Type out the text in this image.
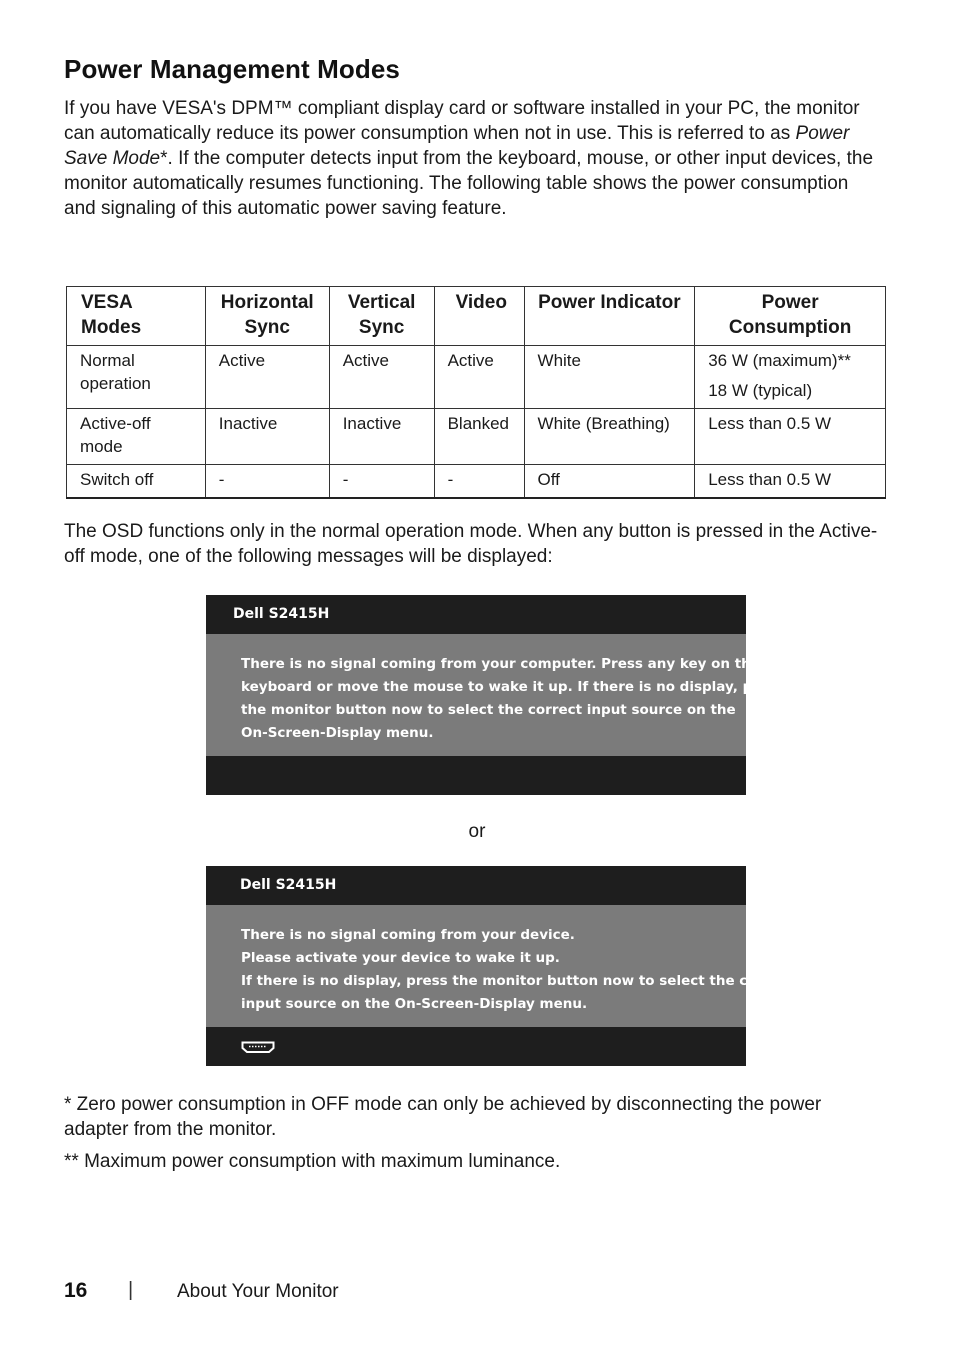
Power Management Modes

If you have VESA's DPM™ compliant display card or software installed in your PC, the monitor can automatically reduce its power consumption when not in use. This is referred to as Power Save Mode*. If the computer detects input from the keyboard, mouse, or other input devices, the monitor automatically resumes functioning. The following table shows the power consumption and signaling of this automatic power saving feature.

VESA Modes	Horizontal Sync	Vertical Sync	Video	Power Indicator	Power Consumption
Normal operation	Active	Active	Active	White	36 W (maximum)**
18 W (typical)

Active-off mode	Inactive	Inactive	Blanked	White (Breathing)	Less than 0.5 W
Switch off	-	-	-	Off	Less than 0.5 W

The OSD functions only in the normal operation mode. When any button is pressed in the Active-off mode, one of the following messages will be displayed:

Dell S2415H
There is no signal coming from your computer. Press any key on the
keyboard or move the mouse to wake it up. If there is no display, press
the monitor button now to select the correct input source on the
On-Screen-Display menu.
or
Dell S2415H
There is no signal coming from your device.
Please activate your device to wake it up.
If there is no display, press the monitor button now to select the correct
input source on the On-Screen-Display menu.

* Zero power consumption in OFF mode can only be achieved by disconnecting the power adapter from the monitor.

** Maximum power consumption with maximum luminance.

16 | About Your Monitor
